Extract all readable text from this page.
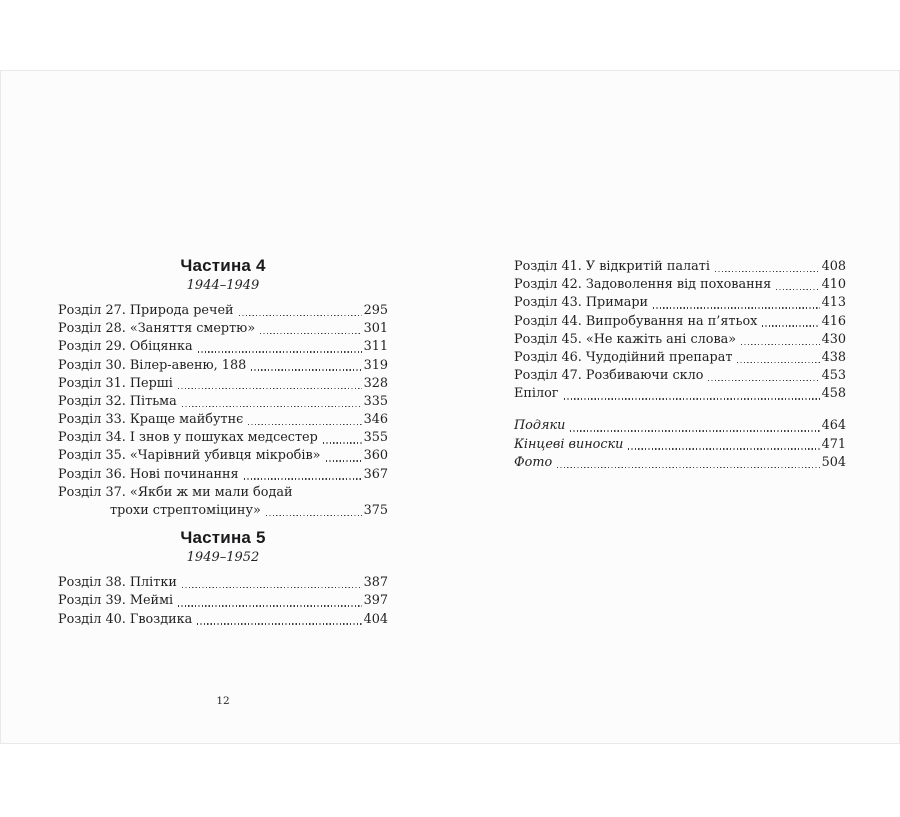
Частина 4
1944–1949
Розділ 27. Природа речей	295
Розділ 28. «Заняття смертю»	301
Розділ 29. Обіцянка	311
Розділ 30. Вілер-авеню, 188	319
Розділ 31. Перші	328
Розділ 32. Пітьма	335
Розділ 33. Краще майбутнє	346
Розділ 34. І знов у пошуках медсестер	355
Розділ 35. «Чарівний убивця мікробів»	360
Розділ 36. Нові починання	367
Розділ 37. «Якби ж ми мали бодай
трохи стрептоміцину»	375
Частина 5
1949–1952
Розділ 38. Плітки	387
Розділ 39. Меймі	397
Розділ 40. Гвоздика	404
Розділ 41. У відкритій палаті	408
Розділ 42. Задоволення від поховання	410
Розділ 43. Примари	413
Розділ 44. Випробування на п’ятьох	416
Розділ 45. «Не кажіть ані слова»	430
Розділ 46. Чудодійний препарат	438
Розділ 47. Розбиваючи скло	453
Епілог	458
Подяки	464
Кінцеві виноски	471
Фото	504
12
